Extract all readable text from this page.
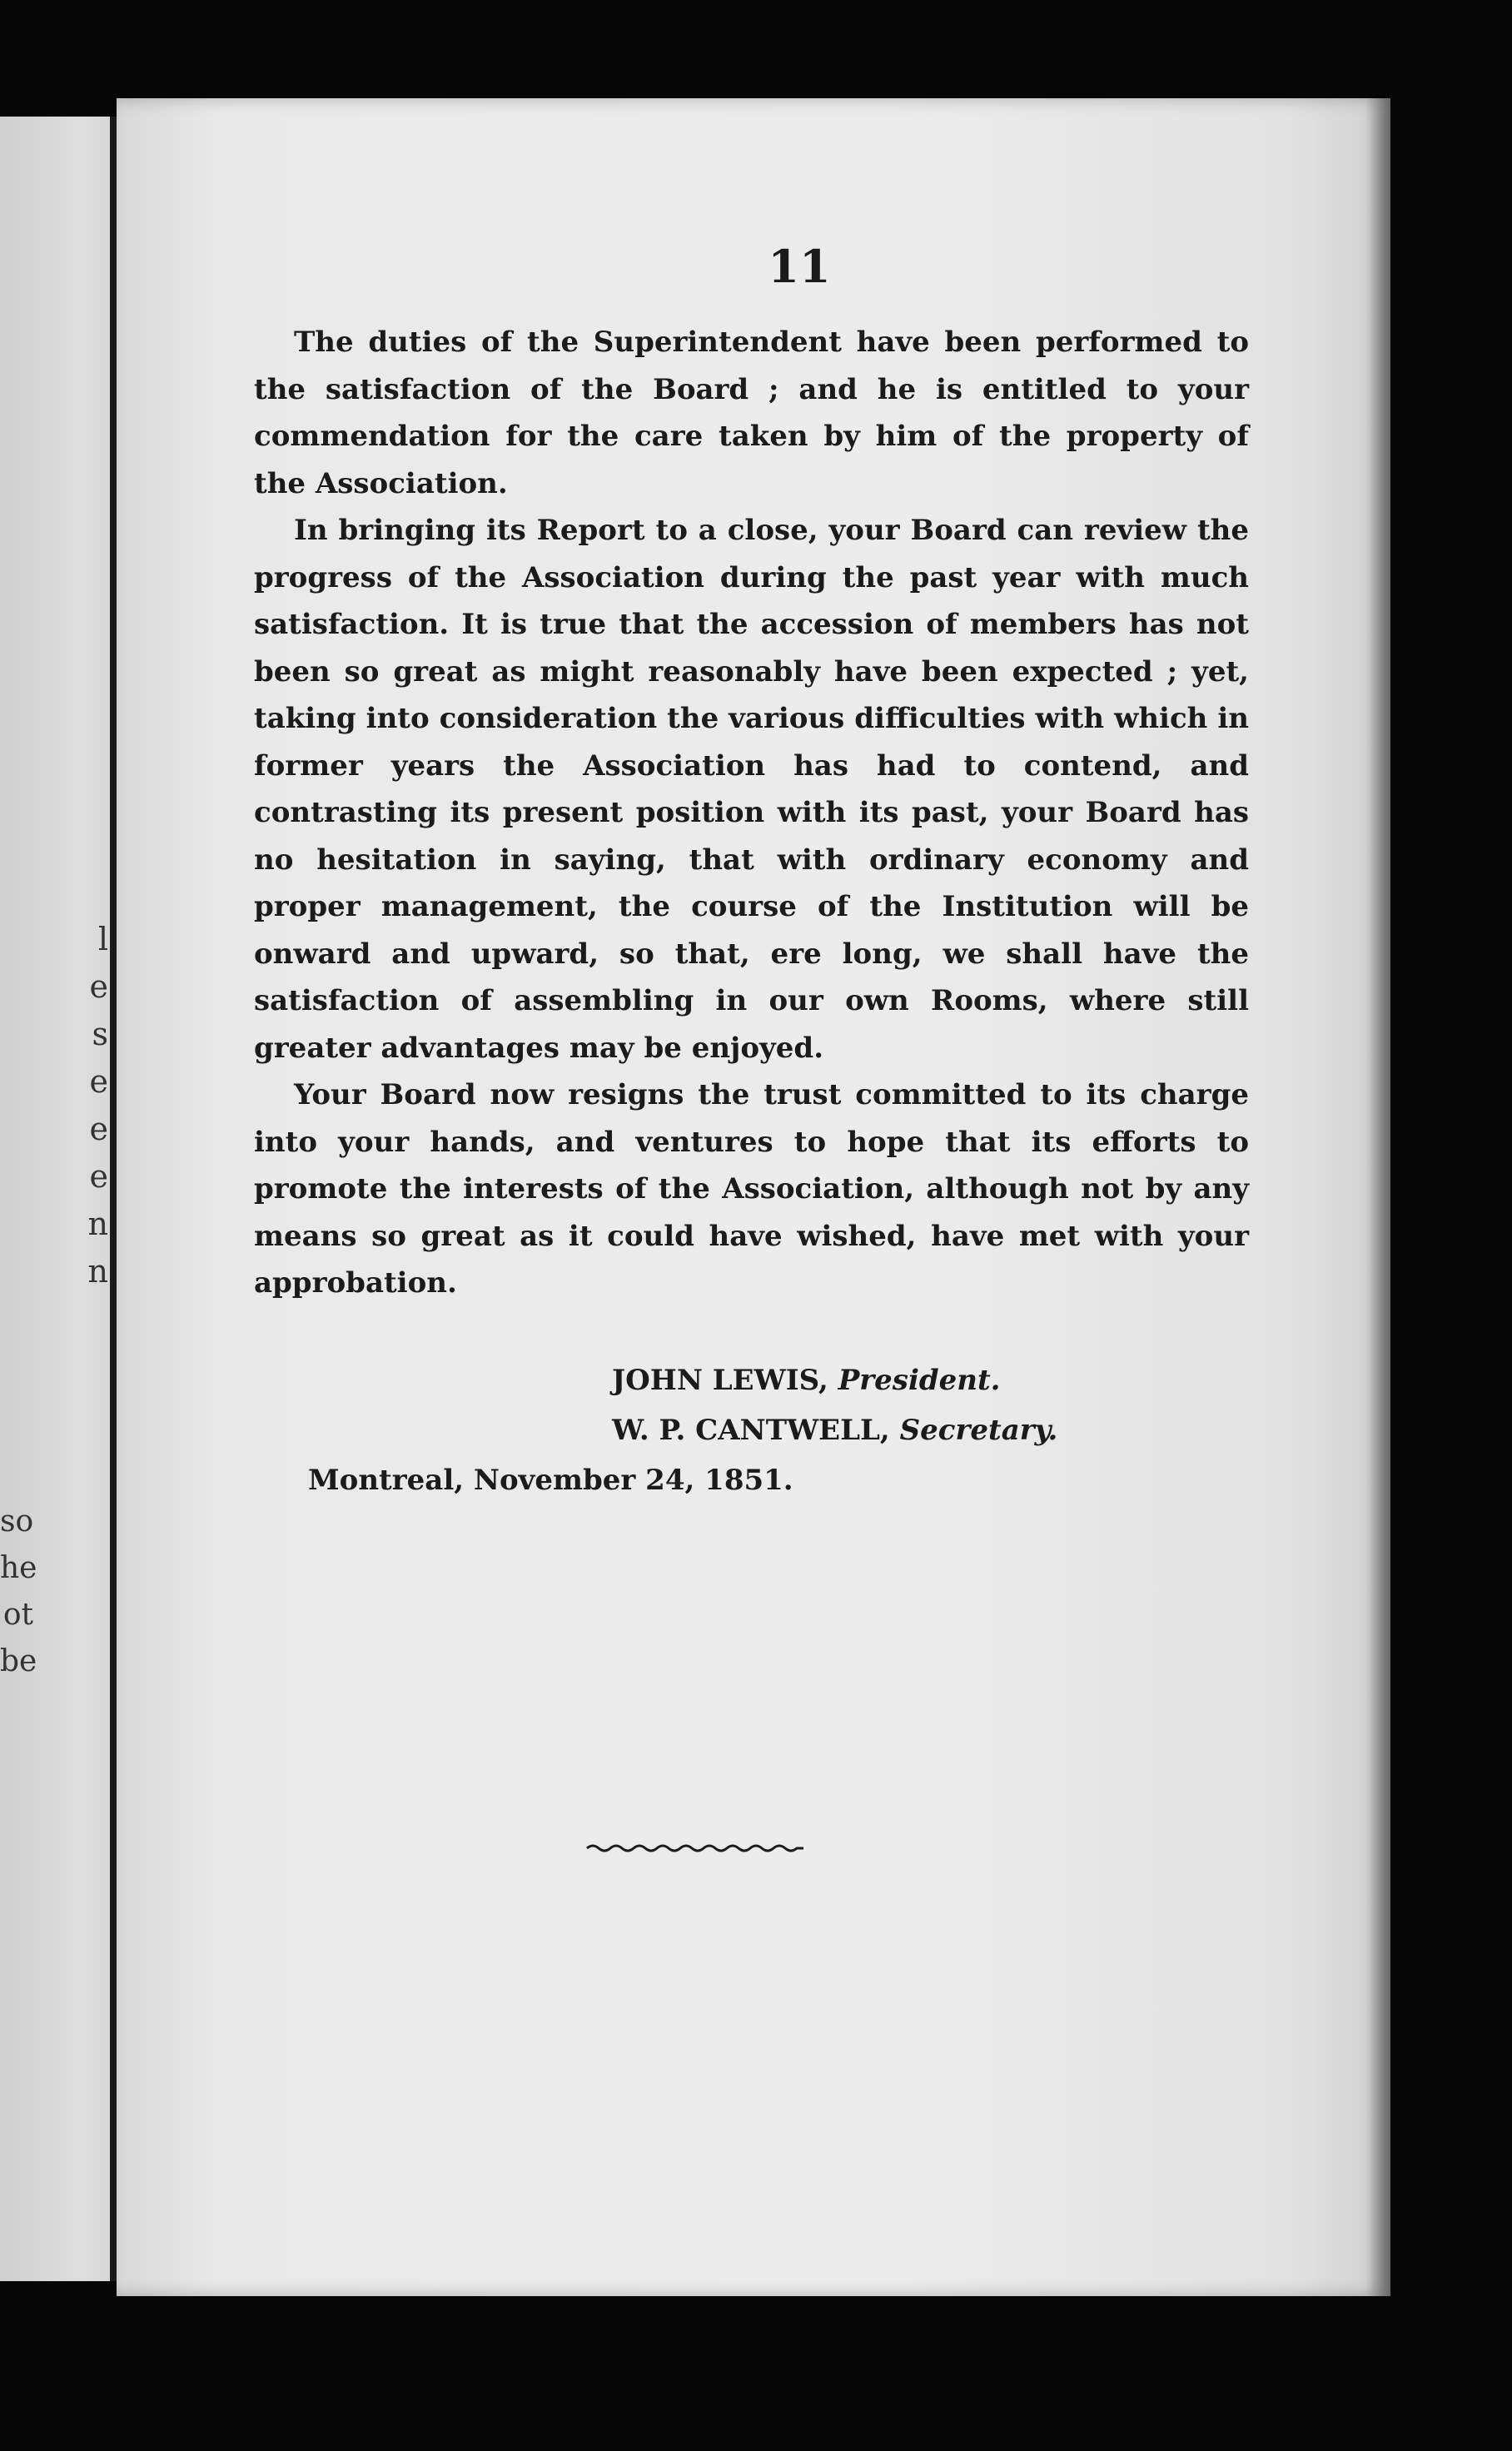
l
e
s
e
e
e
n
n
so
he
ot
be
11

The duties of the Superintendent have been performed to the satisfaction of the Board ; and he is entitled to your commendation for the care taken by him of the property of the Association.

In bringing its Report to a close, your Board can review the progress of the Association during the past year with much satisfaction. It is true that the accession of members has not been so great as might reasonably have been expected ; yet, taking into consideration the various difficulties with which in former years the Association has had to contend, and contrasting its present position with its past, your Board has no hesitation in saying, that with ordinary economy and proper management, the course of the Institution will be onward and upward, so that, ere long, we shall have the satisfaction of assembling in our own Rooms, where still greater advantages may be enjoyed.

Your Board now resigns the trust committed to its charge into your hands, and ventures to hope that its efforts to promote the interests of the Association, although not by any means so great as it could have wished, have met with your approbation.

JOHN LEWIS, President.
W. P. CANTWELL, Secretary.
Montreal, November 24, 1851.
